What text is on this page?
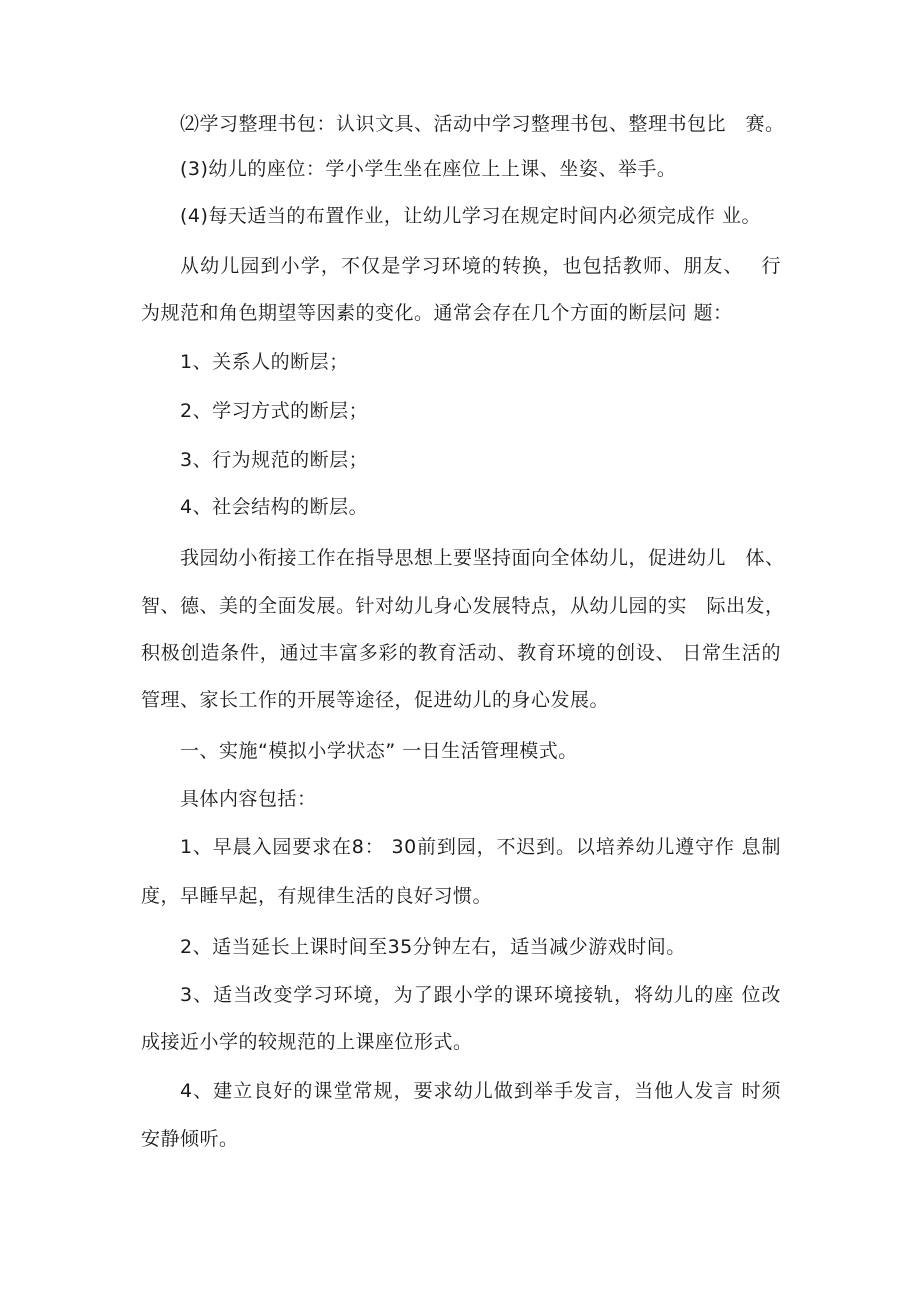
⑵学习整理书包：认识文具、活动中学习整理书包、整理书包比　赛。
(3)幼儿的座位：学小学生坐在座位上上课、坐姿、举手。
(4)每天适当的布置作业，让幼儿学习在规定时间内必须完成作 业。
从幼儿园到小学，不仅是学习环境的转换，也包括教师、朋友、　 行
为规范和角色期望等因素的变化。通常会存在几个方面的断层问 题：
1、关系人的断层；
2、学习方式的断层；
3、行为规范的断层；
4、社会结构的断层。
我园幼小衔接工作在指导思想上要坚持面向全体幼儿，促进幼儿　体、
智、德、美的全面发展。针对幼儿身心发展特点，从幼儿园的实　际出发，
积极创造条件，通过丰富多彩的教育活动、教育环境的创设、 日常生活的
管理、家长工作的开展等途径，促进幼儿的身心发展。
一、实施“模拟小学状态” 一日生活管理模式。
具体内容包括：
1、早晨入园要求在8： 30前到园，不迟到。以培养幼儿遵守作 息制
度，早睡早起，有规律生活的良好习惯。
2、适当延长上课时间至35分钟左右，适当减少游戏时间。
3、适当改变学习环境，为了跟小学的课环境接轨，将幼儿的座 位改
成接近小学的较规范的上课座位形式。
4、建立良好的课堂常规，要求幼儿做到举手发言，当他人发言 时须
安静倾听。
